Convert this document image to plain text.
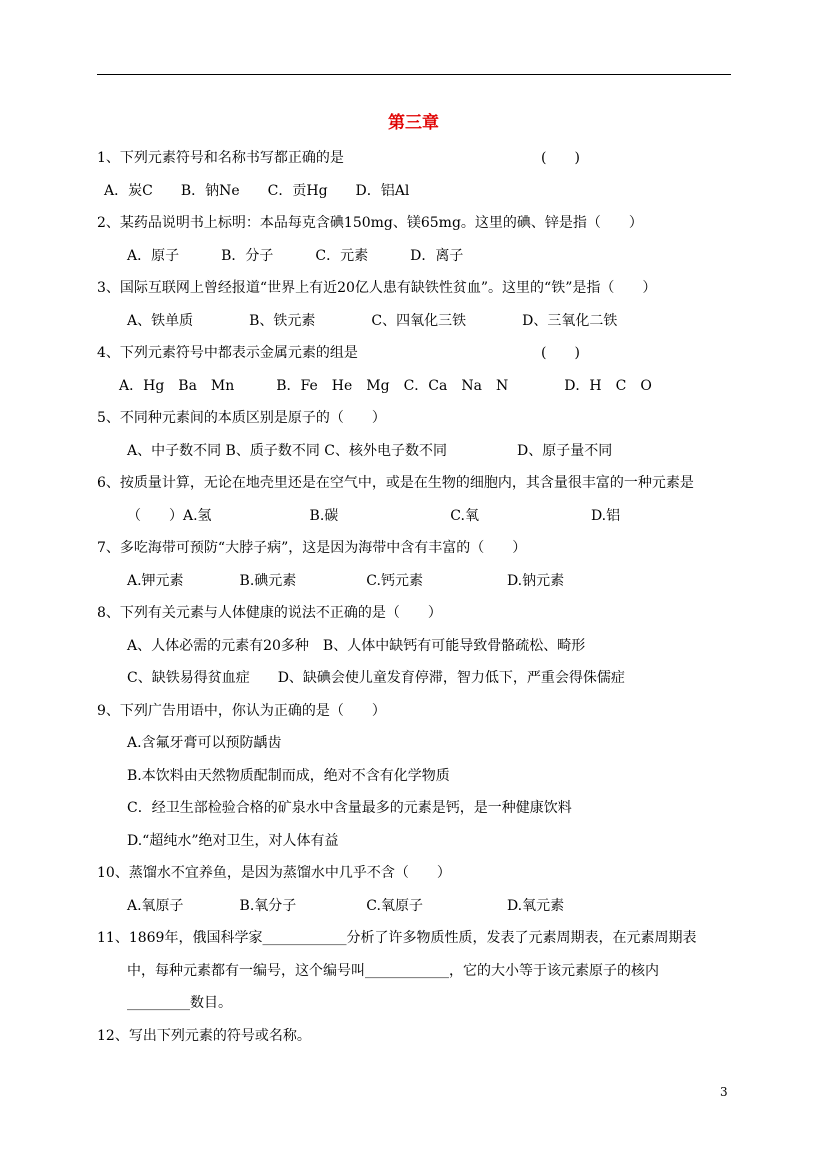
第三章
1、下列元素符号和名称书写都正确的是	(　　)
A．炭C　　B．钠Ne　　C．贡Hg　　D．铝Al
2、某药品说明书上标明：本品每克含碘150mg、镁65mg。这里的碘、锌是指（　　）
A．原子　　　B．分子　　　C．元素　　　D．离子
3、国际互联网上曾经报道“世界上有近20亿人患有缺铁性贫血”。这里的“铁”是指（　　）
A、铁单质　　　　B、铁元素　　　　C、四氧化三铁　　　　D、三氧化二铁
4、下列元素符号中都表示金属元素的组是	(　　)
A．Hg　Ba　Mn　　　B．Fe　He　Mg　C．Ca　Na　N　　　　D．H　C　O
5、不同种元素间的本质区别是原子的（　　）
A、中子数不同 B、质子数不同 C、核外电子数不同　　　　　D、原子量不同
6、按质量计算，无论在地壳里还是在空气中，或是在生物的细胞内，其含量很丰富的一种元素是
（　　）A.氢　　　　　　　B.碳　　　　　　　　C.氧　　　　　　　　D.铝
7、多吃海带可预防“大脖子病”，这是因为海带中含有丰富的（　　）
A.钾元素　　　　B.碘元素　　　　　C.钙元素　　　　　　D.钠元素
8、下列有关元素与人体健康的说法不正确的是（　　）
A、人体必需的元素有20多种　B、人体中缺钙有可能导致骨骼疏松、畸形
C、缺铁易得贫血症　　D、缺碘会使儿童发育停滞，智力低下，严重会得侏儒症
9、下列广告用语中，你认为正确的是（　　）
A.含氟牙膏可以预防龋齿
B.本饮料由天然物质配制而成，绝对不含有化学物质
C．经卫生部检验合格的矿泉水中含量最多的元素是钙，是一种健康饮料
D.“超纯水”绝对卫生，对人体有益
10、蒸馏水不宜养鱼，是因为蒸馏水中几乎不含（　　）
A.氧原子　　　　B.氧分子　　　　　C.氧原子　　　　　　D.氧元素
11、1869年，俄国科学家____________分析了许多物质性质，发表了元素周期表，在元素周期表
中，每种元素都有一编号，这个编号叫____________，它的大小等于该元素原子的核内
_________数目。
12、写出下列元素的符号或名称。
3
